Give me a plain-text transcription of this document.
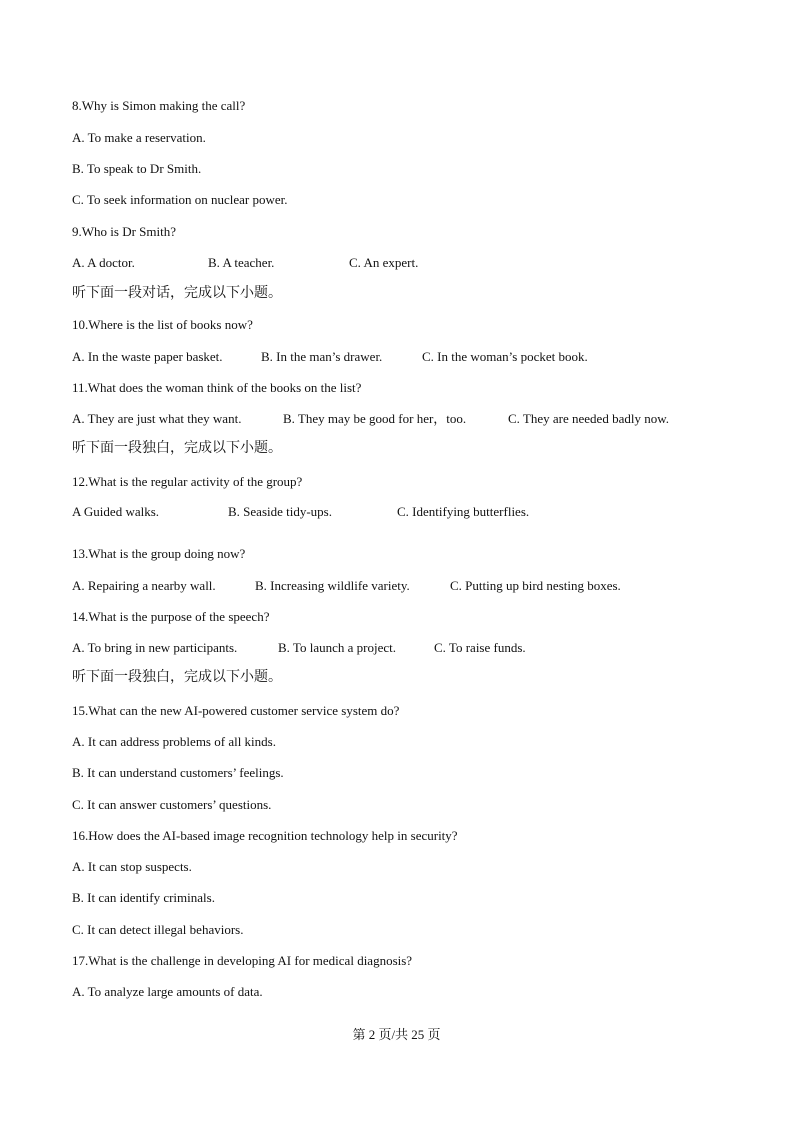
8.Why is Simon making the call?
A. To make a reservation.
B. To speak to Dr Smith.
C. To seek information on nuclear power.
9.Who is Dr Smith?
A. A doctor.	B. A teacher.	C. An expert.
听下面一段对话，完成以下小题。
10.Where is the list of books now?
A. In the waste paper basket.	B. In the man’s drawer.	C. In the woman’s pocket book.
11.What does the woman think of the books on the list?
A. They are just what they want.	B. They may be good for her，too.	C. They are needed badly now.
听下面一段独白，完成以下小题。
12.What is the regular activity of the group?
A Guided walks.	B. Seaside tidy-ups.	C. Identifying butterflies.
13.What is the group doing now?
A. Repairing a nearby wall.	B. Increasing wildlife variety.	C. Putting up bird nesting boxes.
14.What is the purpose of the speech?
A. To bring in new participants.	B. To launch a project.	C. To raise funds.
听下面一段独白，完成以下小题。
15.What can the new AI-powered customer service system do?
A. It can address problems of all kinds.
B. It can understand customers’ feelings.
C. It can answer customers’ questions.
16.How does the AI-based image recognition technology help in security?
A. It can stop suspects.
B. It can identify criminals.
C. It can detect illegal behaviors.
17.What is the challenge in developing AI for medical diagnosis?
A. To analyze large amounts of data.
第 2 页/共 25 页
